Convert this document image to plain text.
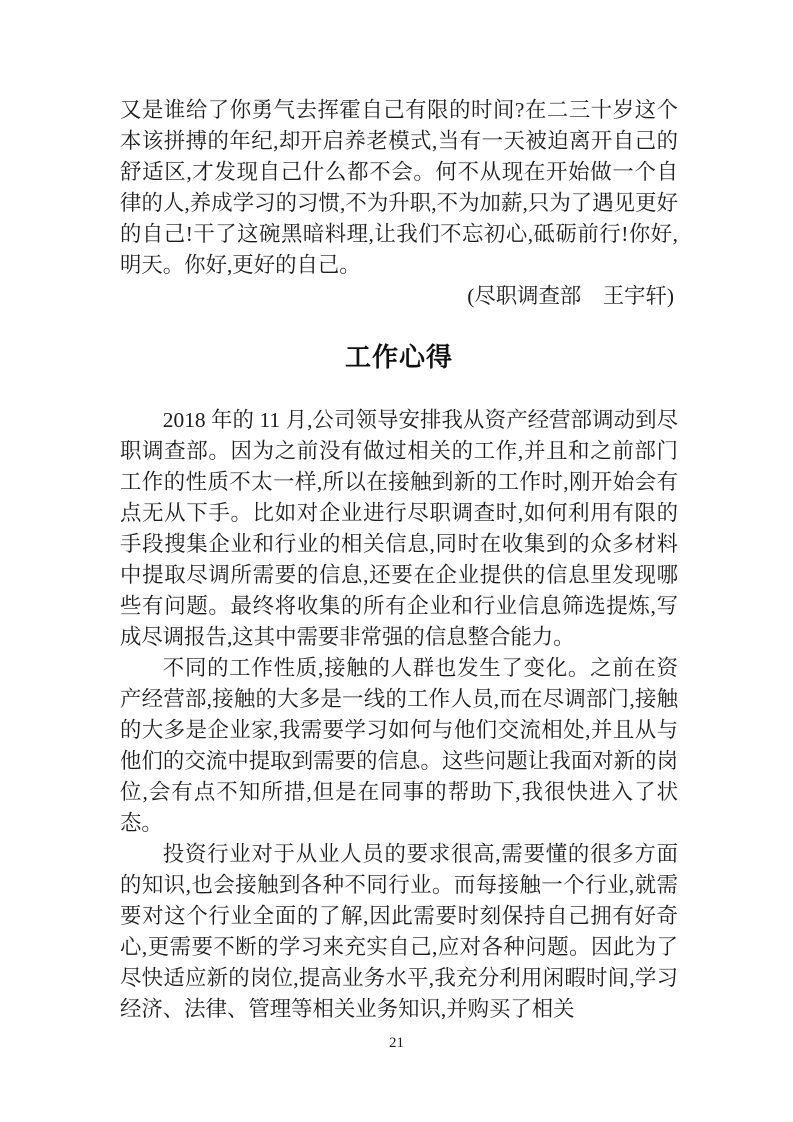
又是谁给了你勇气去挥霍自己有限的时间?在二三十岁这个本该拼搏的年纪,却开启养老模式,当有一天被迫离开自己的舒适区,才发现自己什么都不会。何不从现在开始做一个自律的人,养成学习的习惯,不为升职,不为加薪,只为了遇见更好的自己!干了这碗黑暗料理,让我们不忘初心,砥砺前行!你好,明天。你好,更好的自己。

(尽职调查部　王宇轩)
工作心得

2018 年的 11 月,公司领导安排我从资产经营部调动到尽职调查部。因为之前没有做过相关的工作,并且和之前部门工作的性质不太一样,所以在接触到新的工作时,刚开始会有点无从下手。比如对企业进行尽职调查时,如何利用有限的手段搜集企业和行业的相关信息,同时在收集到的众多材料中提取尽调所需要的信息,还要在企业提供的信息里发现哪些有问题。最终将收集的所有企业和行业信息筛选提炼,写成尽调报告,这其中需要非常强的信息整合能力。

不同的工作性质,接触的人群也发生了变化。之前在资产经营部,接触的大多是一线的工作人员,而在尽调部门,接触的大多是企业家,我需要学习如何与他们交流相处,并且从与他们的交流中提取到需要的信息。这些问题让我面对新的岗位,会有点不知所措,但是在同事的帮助下,我很快进入了状态。

投资行业对于从业人员的要求很高,需要懂的很多方面的知识,也会接触到各种不同行业。而每接触一个行业,就需要对这个行业全面的了解,因此需要时刻保持自己拥有好奇心,更需要不断的学习来充实自己,应对各种问题。因此为了尽快适应新的岗位,提高业务水平,我充分利用闲暇时间,学习经济、法律、管理等相关业务知识,并购买了相关

21
